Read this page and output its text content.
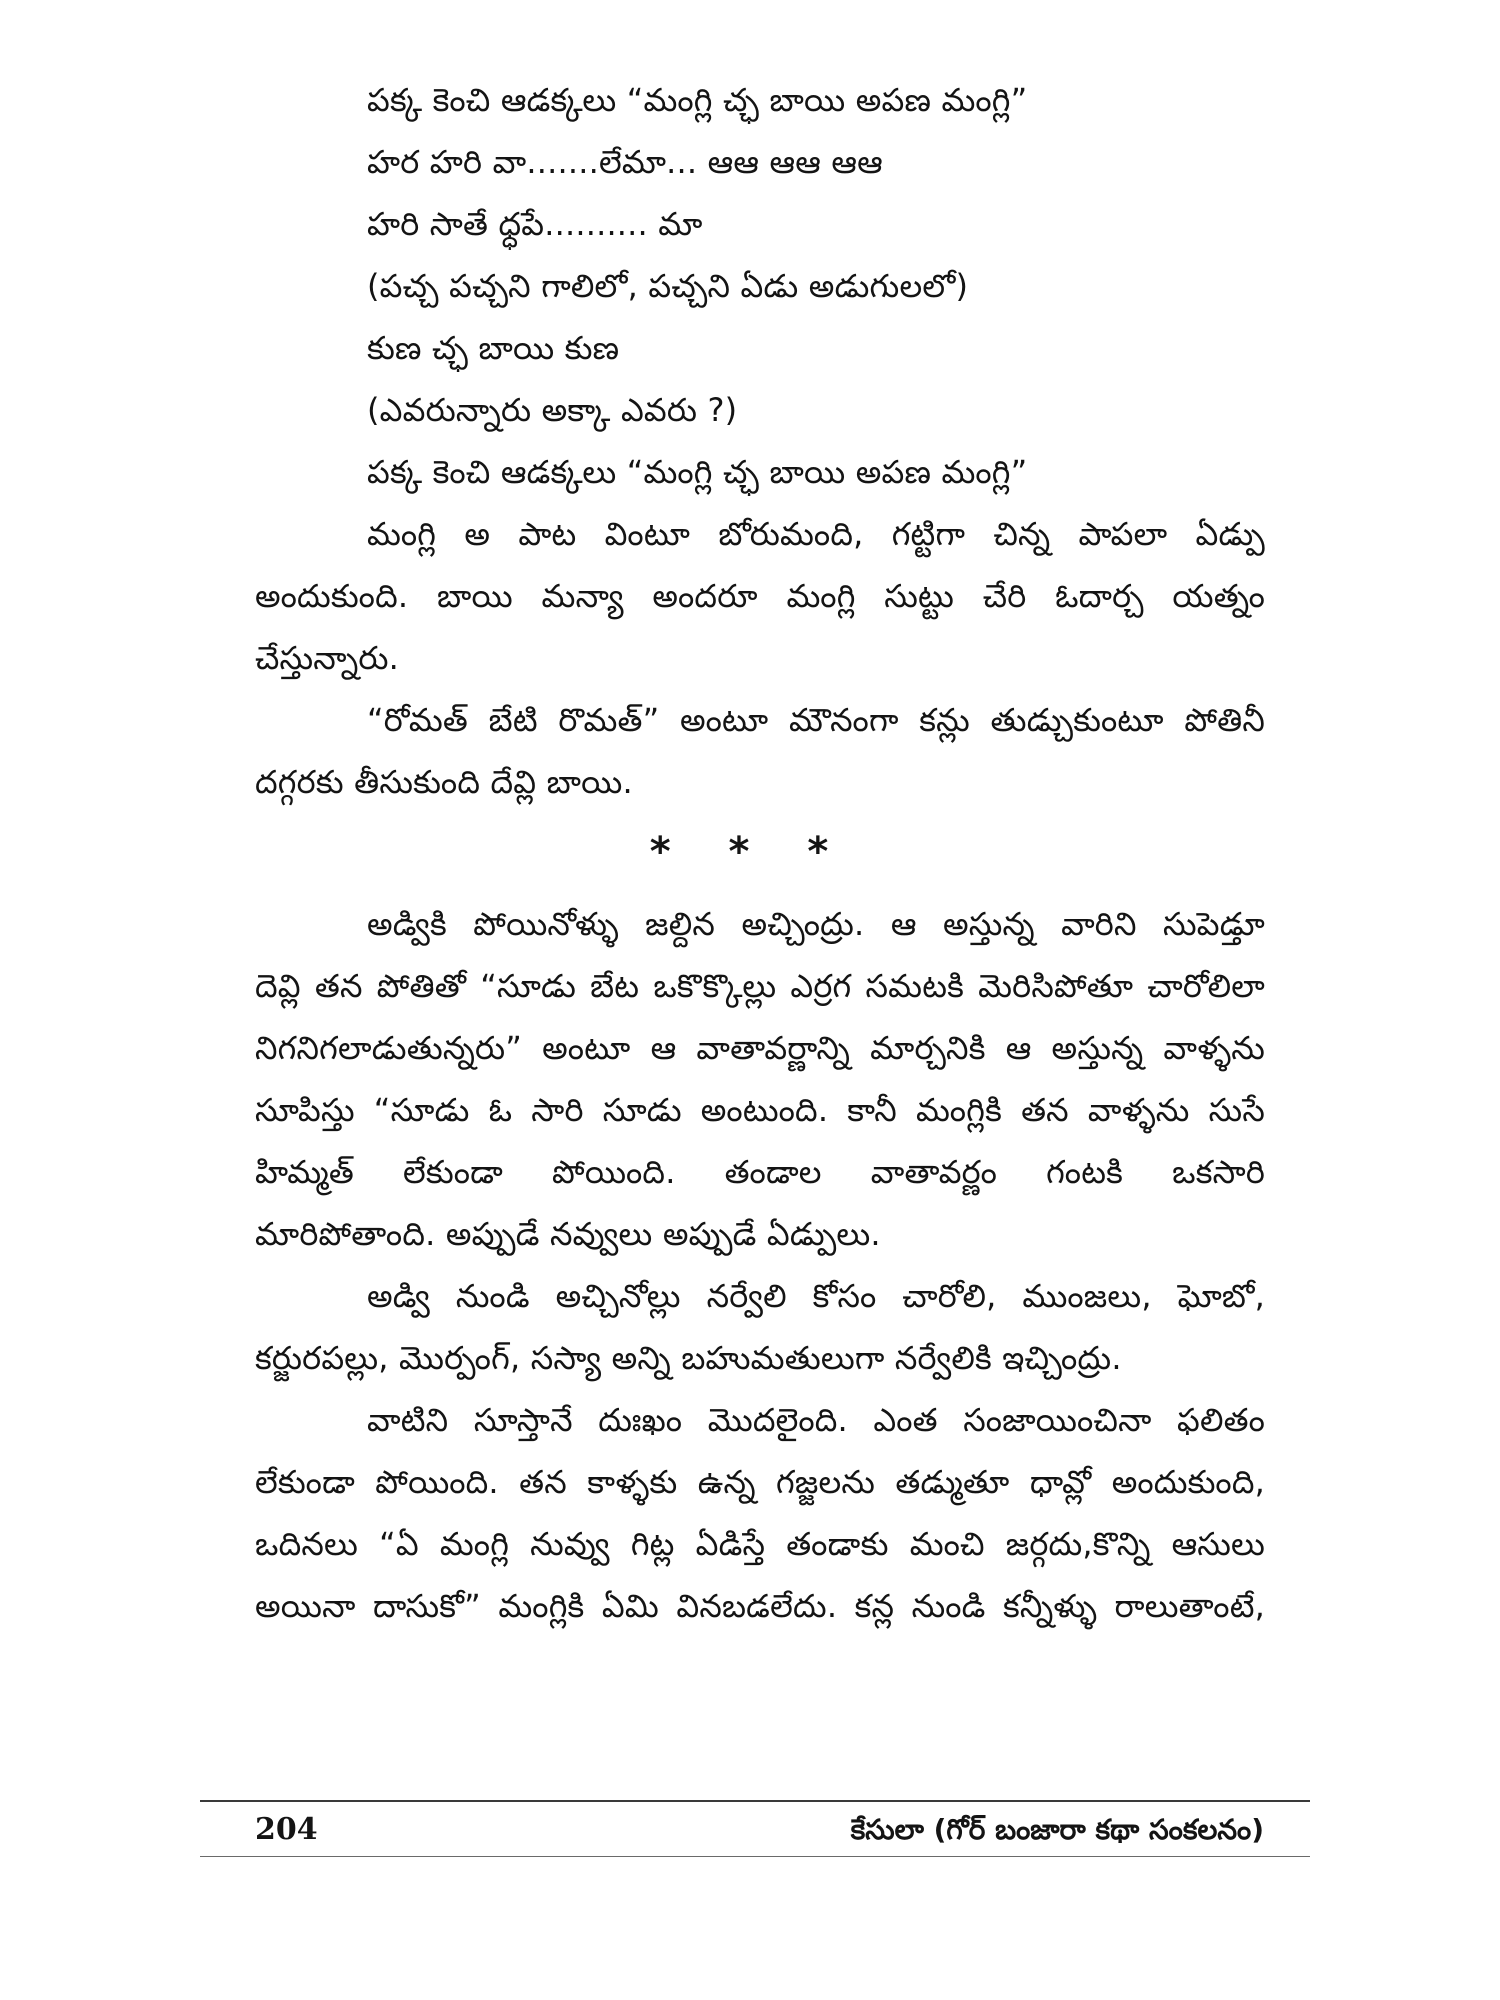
పక్క కెంచి ఆడక్కలు “మంగ్లి చ్ఛ బాయి అపణ మంగ్లి”
హర హరి వా.......లేమా... ఆఆ ఆఆ ఆఆ
హరి సాతే ధ్ధపే.......... మా
(పచ్చ పచ్చని గాలిలో, పచ్చని ఏడు అడుగులలో)
కుణ చ్ఛ బాయి కుణ
(ఎవరున్నారు అక్కా ఎవరు ?)
పక్క కెంచి ఆడక్కలు “మంగ్లి చ్ఛ బాయి అపణ మంగ్లి”
మంగ్లి అ పాట వింటూ బోరుమంది, గట్టిగా చిన్న పాపలా ఏడ్పు
అందుకుంది. బాయి మన్యా అందరూ మంగ్లి సుట్టు చేరి ఓదార్చ యత్నం
చేస్తున్నారు.
“రోమత్ బేటి రొమత్” అంటూ మౌనంగా కన్లు తుడ్చుకుంటూ పోతినీ
దగ్గరకు తీసుకుంది దేవ్లి బాయి.
* * *
అడ్వికి పోయినోళ్ళు జల్దిన అచ్చింద్రు. ఆ అస్తున్న వారిని సుపెడ్తూ
దెవ్లి తన పోతితో “సూడు బేట ఒకొక్కొల్లు ఎర్రగ సమటకి మెరిసిపోతూ చారోలిలా
నిగనిగలాడుతున్నరు” అంటూ ఆ వాతావర్ణాన్ని మార్చనికి ఆ అస్తున్న వాళ్ళను
సూపిస్తు “సూడు ఓ సారి సూడు అంటుంది. కానీ మంగ్లికి తన వాళ్ళను సుసే
హిమ్మత్ లేకుండా పోయింది. తండాల వాతావర్ణం గంటకి ఒకసారి
మారిపోతాంది. అప్పుడే నవ్వులు అప్పుడే ఏడ్పులు.
అడ్వి నుండి అచ్చినోల్లు నర్వేలి కోసం చారోలి, ముంజలు, ఘోబో,
కర్జురపల్లు, మొర్పంగ్, సస్యా అన్ని బహుమతులుగా నర్వేలికి ఇచ్చింద్రు.
వాటిని సూస్తానే దుఃఖం మొదలైంది. ఎంత సంజాయించినా ఫలితం
లేకుండా పోయింది. తన కాళ్ళకు ఉన్న గజ్జలను తడ్ముతూ ధావ్లో అందుకుంది,
ఒదినలు “ఏ మంగ్లి నువ్వు గిట్ల ఏడిస్తే తండాకు మంచి జర్గదు,కొన్ని ఆసులు
అయినా దాసుకో” మంగ్లికి ఏమి వినబడలేదు. కన్ల నుండి కన్నీళ్ళు రాలుతాంటే,
204	కేసులా (గోర్ బంజారా కథా సంకలనం)
